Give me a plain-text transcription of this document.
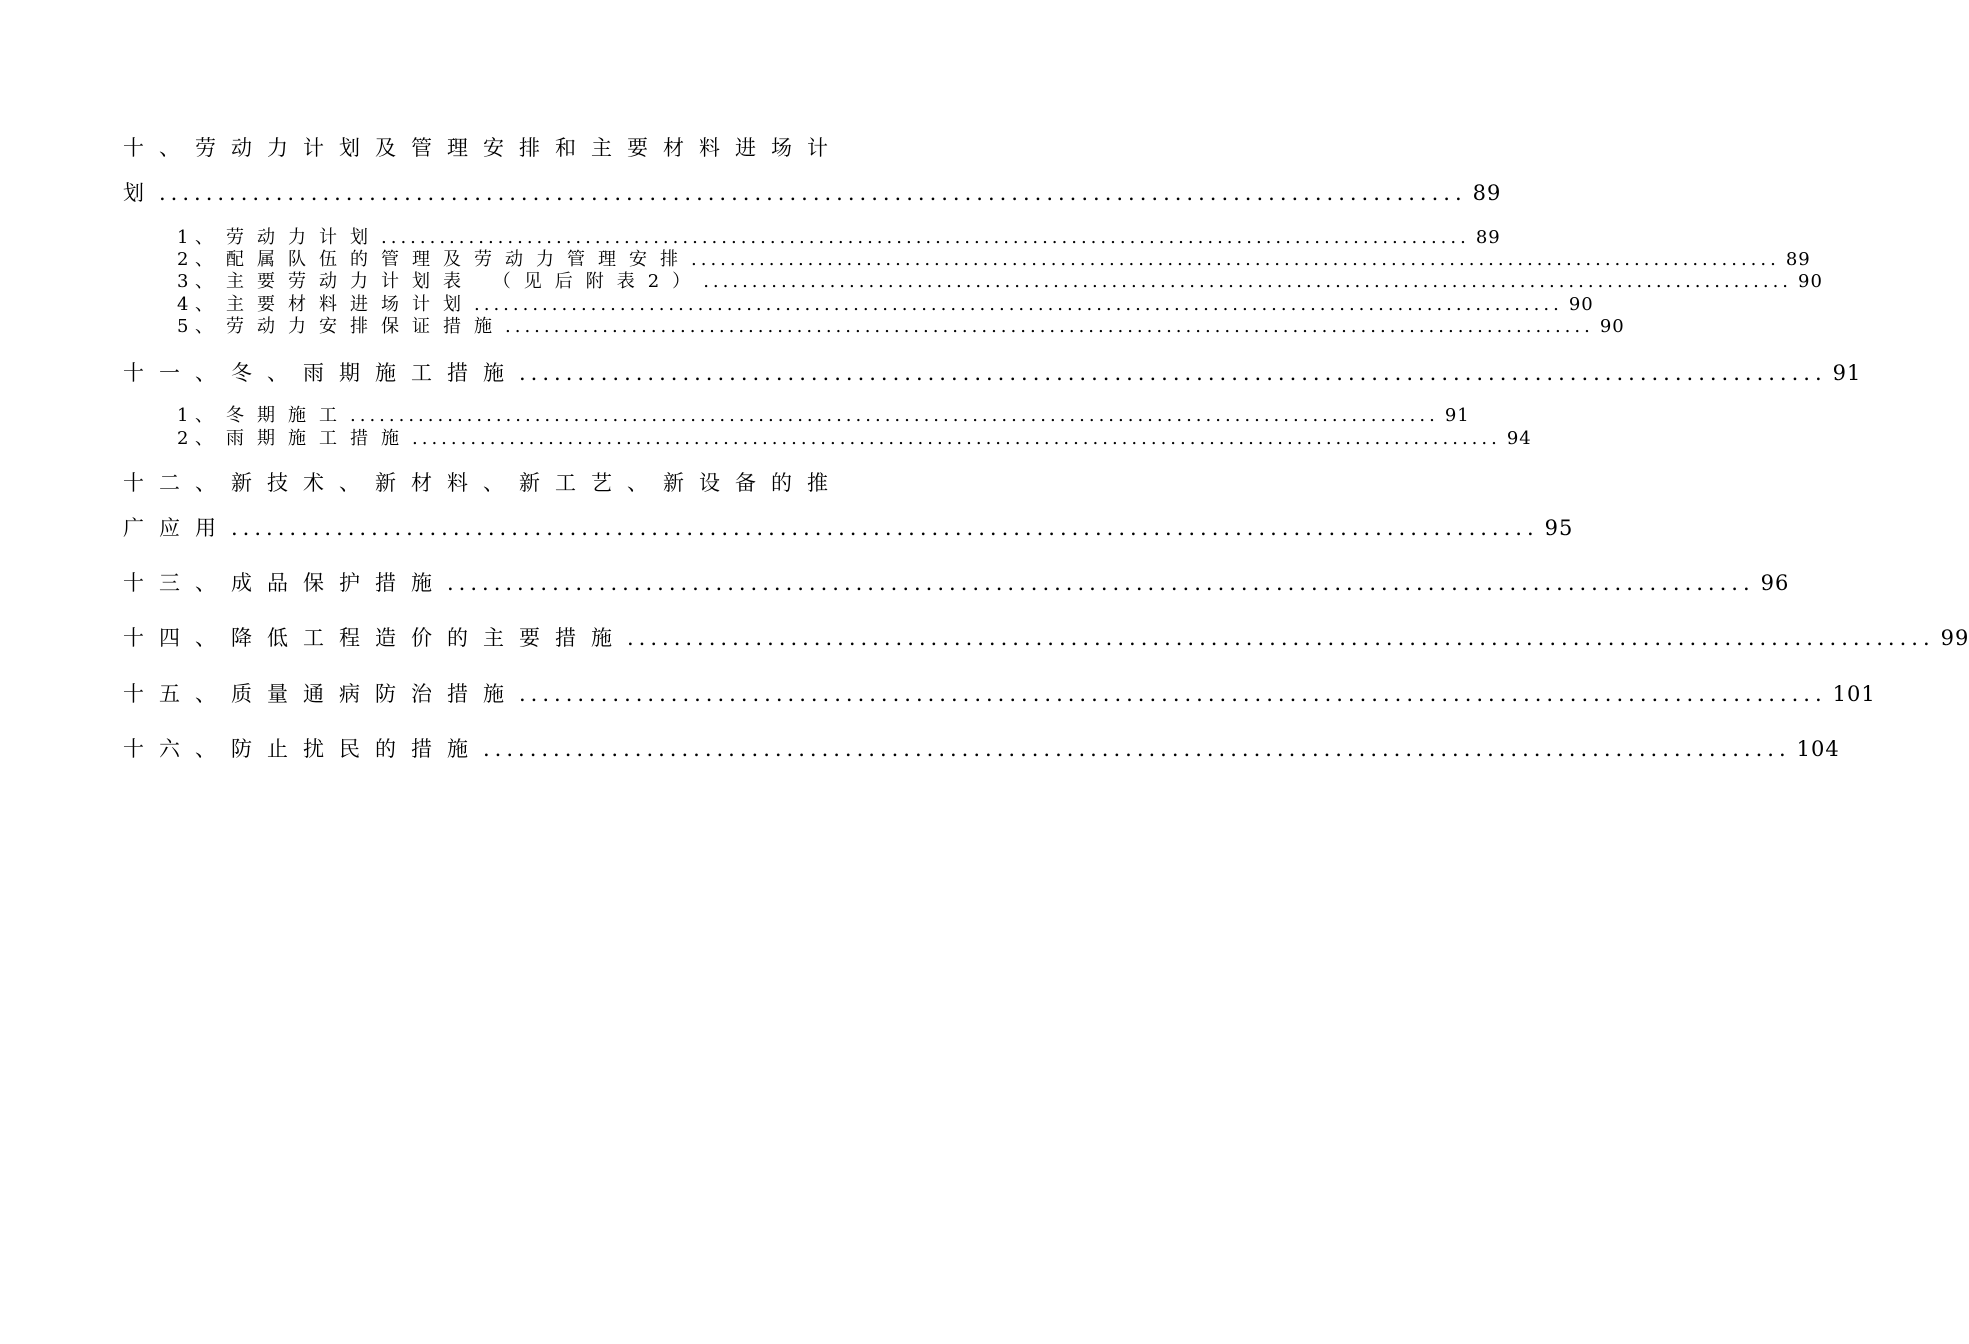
十、劳动力计划及管理安排和主要材料进场计
划 ................................................................................................................ 89
1 、劳动力计划 ................................................................................................................ 89
2 、配属队伍的管理及劳动力管理安排 ................................................................................................................ 89
3 、主要劳动力计划表 （见后附表2） ................................................................................................................ 90
4 、主要材料进场计划 ................................................................................................................ 90
5 、劳动力安排保证措施 ................................................................................................................ 90
十一、冬、雨期施工措施 ................................................................................................................ 91
1 、冬期施工 ................................................................................................................ 91
2 、雨期施工措施 ................................................................................................................ 94
十二、新技术、新材料、新工艺、新设备的推
广应用 ................................................................................................................ 95
十三、成品保护措施 ................................................................................................................ 96
十四、降低工程造价的主要措施 ................................................................................................................ 99
十五、质量通病防治措施 ................................................................................................................ 101
十六、防止扰民的措施 ................................................................................................................ 104
